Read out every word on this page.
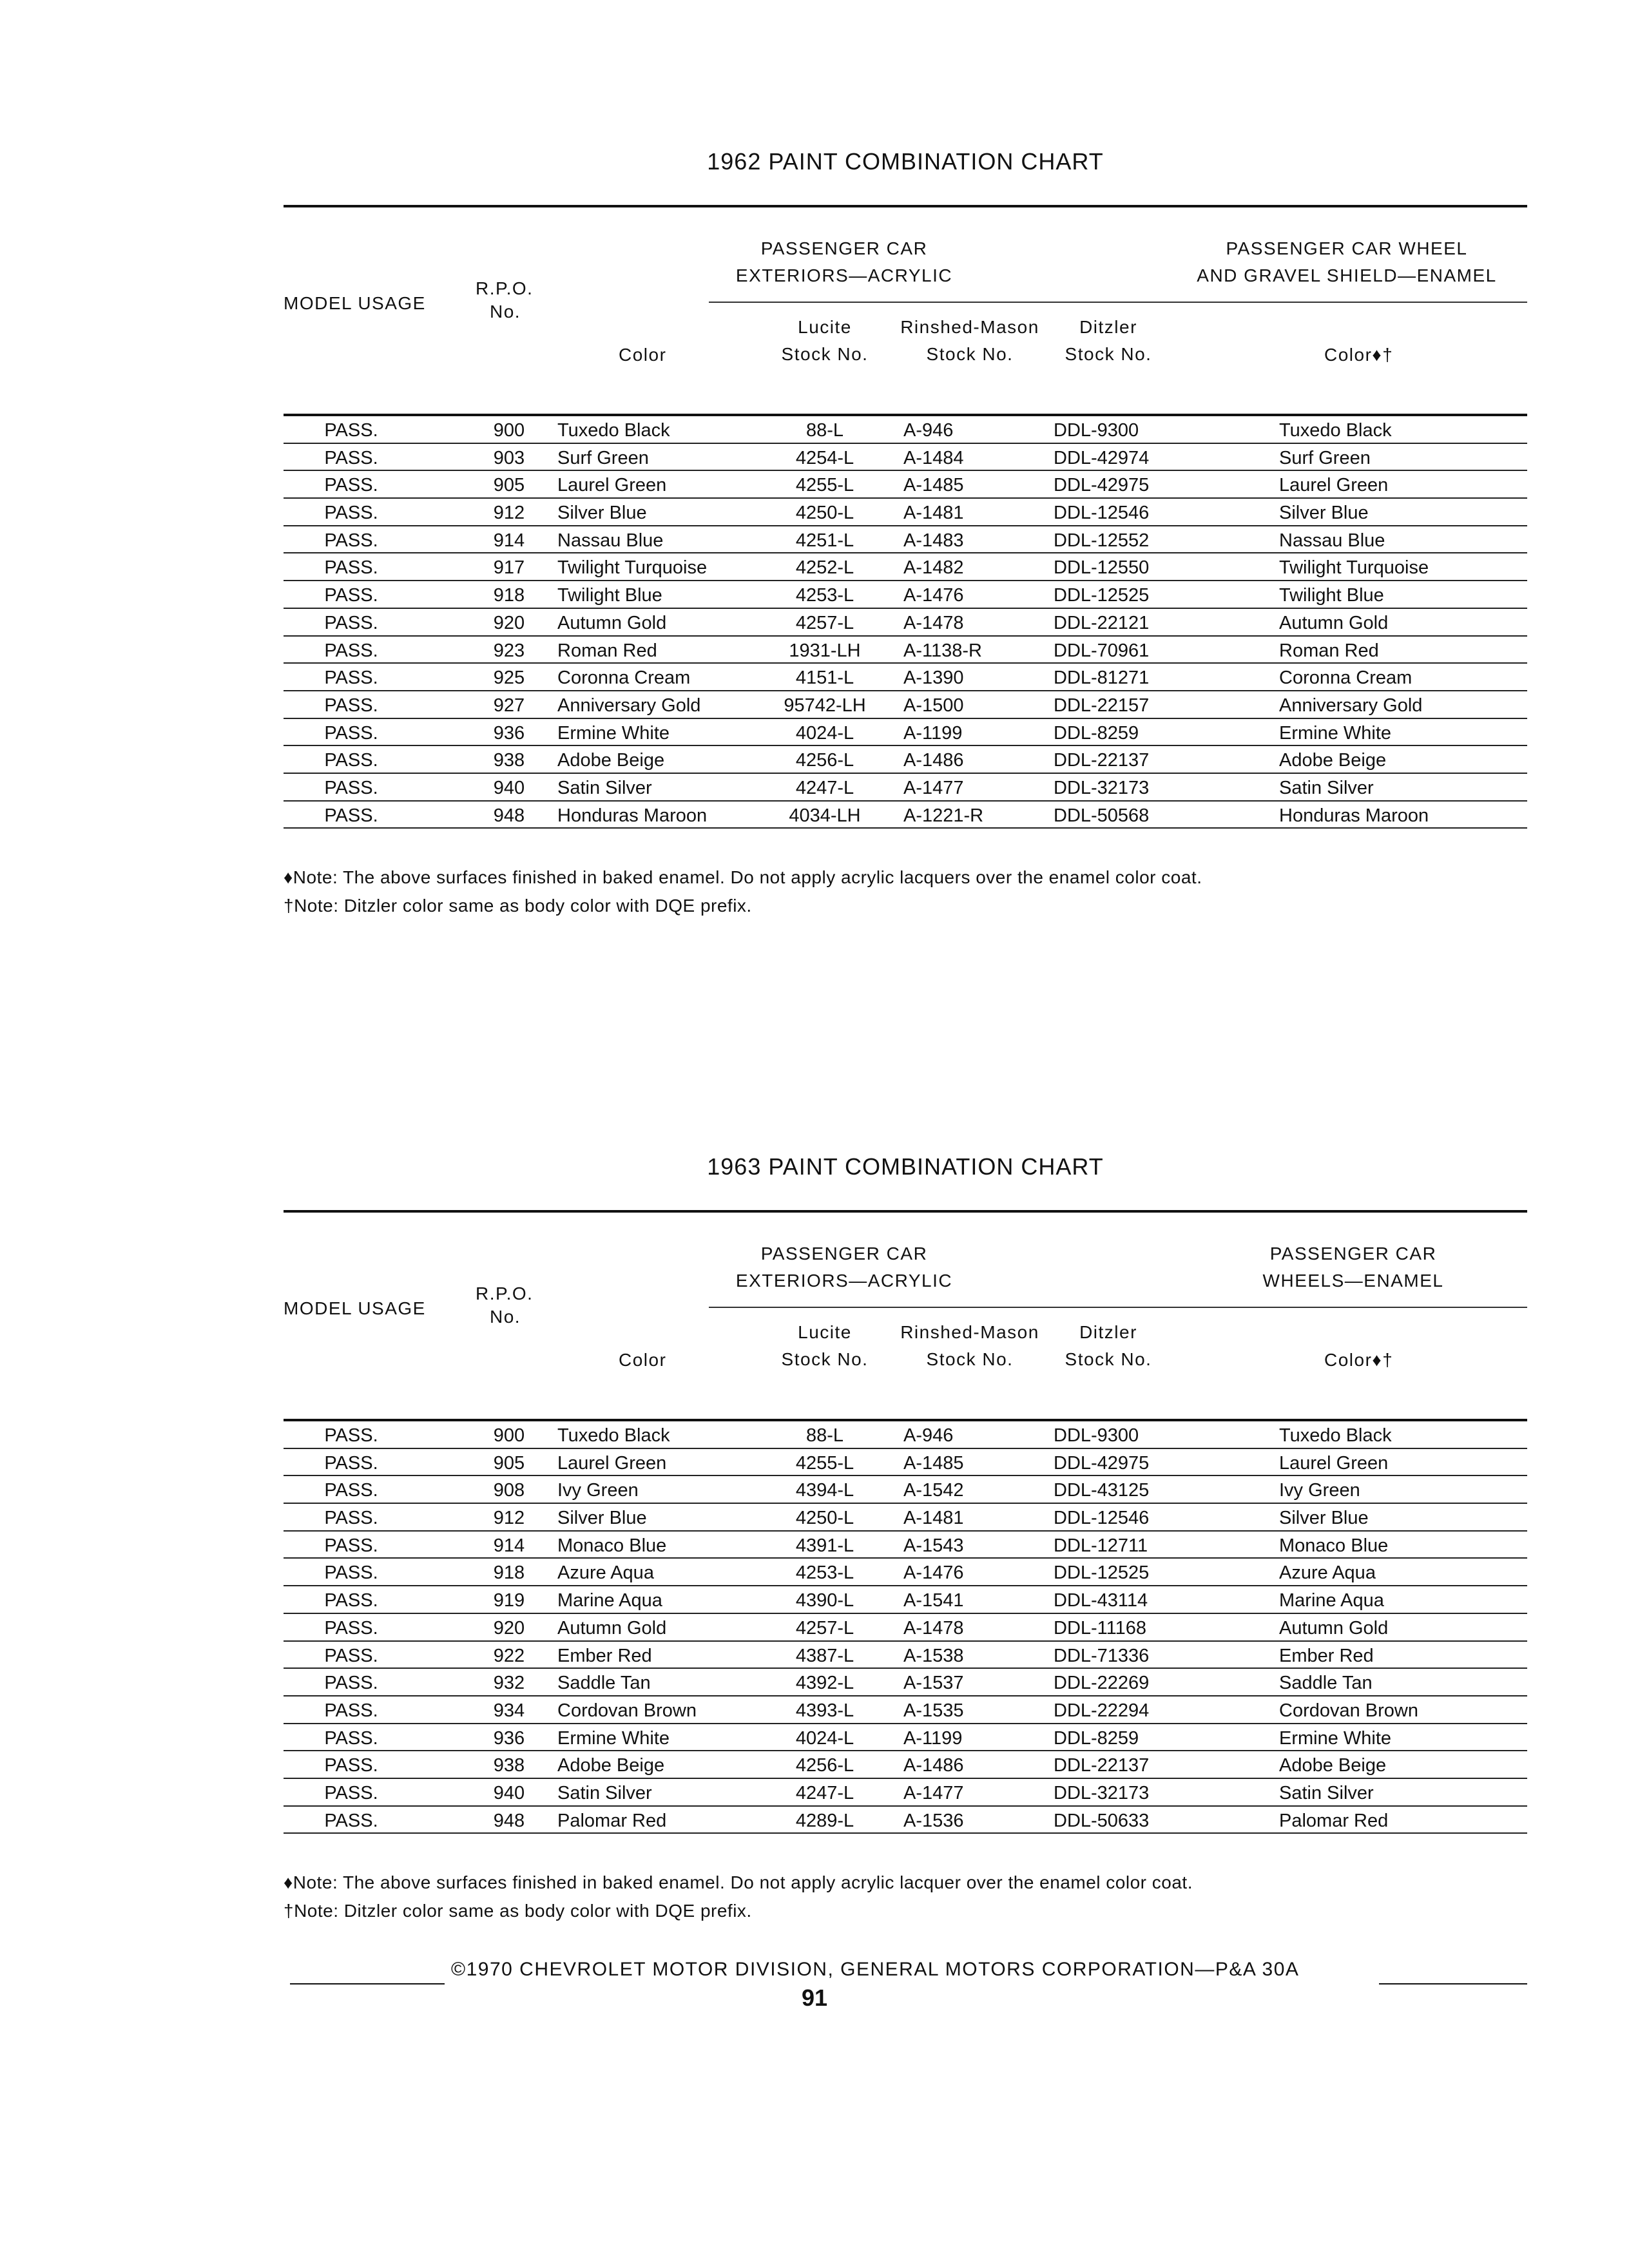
1962 PAINT COMBINATION CHART
PASSENGER CAR
EXTERIORS—ACRYLIC
PASSENGER CAR WHEEL
AND GRAVEL SHIELD—ENAMEL
MODEL USAGE
R.P.O.
No.
Color
Lucite
Stock No.
Rinshed-Mason
Stock No.
Ditzler
Stock No.	Color♦†
PASS.	900	Tuxedo Black	88-L	A-946	DDL-9300	Tuxedo Black
PASS.	903	Surf Green	4254-L	A-1484	DDL-42974	Surf Green
PASS.	905	Laurel Green	4255-L	A-1485	DDL-42975	Laurel Green
PASS.	912	Silver Blue	4250-L	A-1481	DDL-12546	Silver Blue
PASS.	914	Nassau Blue	4251-L	A-1483	DDL-12552	Nassau Blue
PASS.	917	Twilight Turquoise	4252-L	A-1482	DDL-12550	Twilight Turquoise
PASS.	918	Twilight Blue	4253-L	A-1476	DDL-12525	Twilight Blue
PASS.	920	Autumn Gold	4257-L	A-1478	DDL-22121	Autumn Gold
PASS.	923	Roman Red	1931-LH	A-1138-R	DDL-70961	Roman Red
PASS.	925	Coronna Cream	4151-L	A-1390	DDL-81271	Coronna Cream
PASS.	927	Anniversary Gold	95742-LH	A-1500	DDL-22157	Anniversary Gold
PASS.	936	Ermine White	4024-L	A-1199	DDL-8259	Ermine White
PASS.	938	Adobe Beige	4256-L	A-1486	DDL-22137	Adobe Beige
PASS.	940	Satin Silver	4247-L	A-1477	DDL-32173	Satin Silver
PASS.	948	Honduras Maroon	4034-LH	A-1221-R	DDL-50568	Honduras Maroon
♦Note: The above surfaces finished in baked enamel. Do not apply acrylic lacquers over the enamel color coat.
†Note: Ditzler color same as body color with DQE prefix.
1963 PAINT COMBINATION CHART
PASSENGER CAR
EXTERIORS—ACRYLIC
PASSENGER CAR
WHEELS—ENAMEL
MODEL USAGE
R.P.O.
No.
Color
Lucite
Stock No.
Rinshed-Mason
Stock No.
Ditzler
Stock No.	Color♦†
PASS.	900	Tuxedo Black	88-L	A-946	DDL-9300	Tuxedo Black
PASS.	905	Laurel Green	4255-L	A-1485	DDL-42975	Laurel Green
PASS.	908	Ivy Green	4394-L	A-1542	DDL-43125	Ivy Green
PASS.	912	Silver Blue	4250-L	A-1481	DDL-12546	Silver Blue
PASS.	914	Monaco Blue	4391-L	A-1543	DDL-12711	Monaco Blue
PASS.	918	Azure Aqua	4253-L	A-1476	DDL-12525	Azure Aqua
PASS.	919	Marine Aqua	4390-L	A-1541	DDL-43114	Marine Aqua
PASS.	920	Autumn Gold	4257-L	A-1478	DDL-11168	Autumn Gold
PASS.	922	Ember Red	4387-L	A-1538	DDL-71336	Ember Red
PASS.	932	Saddle Tan	4392-L	A-1537	DDL-22269	Saddle Tan
PASS.	934	Cordovan Brown	4393-L	A-1535	DDL-22294	Cordovan Brown
PASS.	936	Ermine White	4024-L	A-1199	DDL-8259	Ermine White
PASS.	938	Adobe Beige	4256-L	A-1486	DDL-22137	Adobe Beige
PASS.	940	Satin Silver	4247-L	A-1477	DDL-32173	Satin Silver
PASS.	948	Palomar Red	4289-L	A-1536	DDL-50633	Palomar Red
♦Note: The above surfaces finished in baked enamel. Do not apply acrylic lacquer over the enamel color coat.
†Note: Ditzler color same as body color with DQE prefix.
©1970 CHEVROLET MOTOR DIVISION, GENERAL MOTORS CORPORATION—P&A 30A
91
